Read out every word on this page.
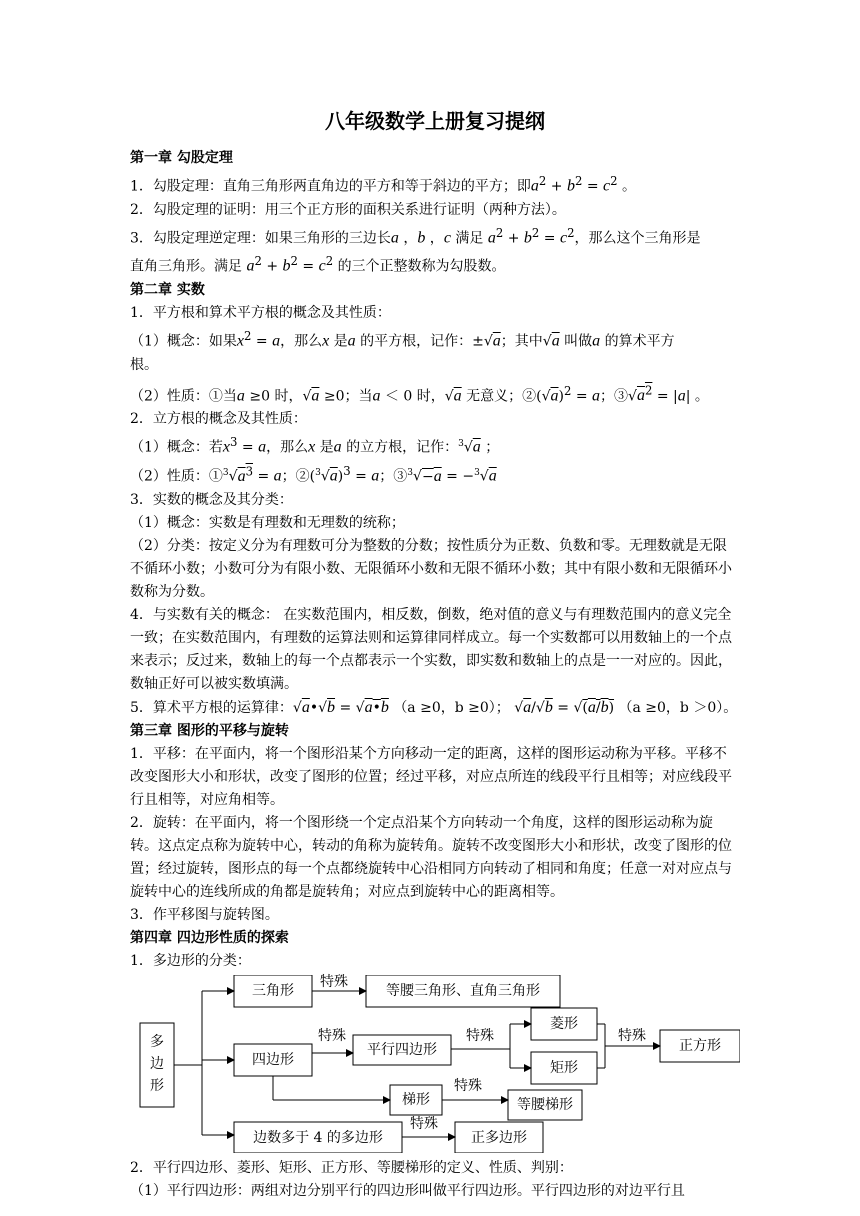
八年级数学上册复习提纲
第一章 勾股定理

1．勾股定理：直角三角形两直角边的平方和等于斜边的平方；即$a^2 + b^2 = c^2$ 。

2．勾股定理的证明：用三个正方形的面积关系进行证明（两种方法）。

3．勾股定理逆定理：如果三角形的三边长a ，b ，c 满足 $a^2 + b^2 = c^2$，那么这个三角形是

直角三角形。满足 $a^2 + b^2 = c^2$ 的三个正整数称为勾股数。

第二章 实数

1．平方根和算术平方根的概念及其性质：

（1）概念：如果$x^2 = a$，那么x 是a 的平方根，记作：±√a；其中√a 叫做a 的算术平方

根。

（2）性质：①当a ≥0 时，√a ≥0；当a ＜ 0 时，√a 无意义；$②(√a)^2 = a$；$③√a^2 = |a|$ 。

2．立方根的概念及其性质：

（1）概念：若$x^3 = a$，那么x 是a 的立方根，记作：$^3$√a ；

（2）性质：$①^3√a^3 = a$；$②(^3√a)^3 = a$；③$^3$√−a = −$^3$√a

3．实数的概念及其分类：

（1）概念：实数是有理数和无理数的统称；

（2）分类：按定义分为有理数可分为整数的分数；按性质分为正数、负数和零。无理数就是无限不循环小数；小数可分为有限小数、无限循环小数和无限不循环小数；其中有限小数和无限循环小数称为分数。

4．与实数有关的概念： 在实数范围内，相反数，倒数，绝对值的意义与有理数范围内的意义完全一致；在实数范围内，有理数的运算法则和运算律同样成立。每一个实数都可以用数轴上的一个点来表示；反过来，数轴上的每一个点都表示一个实数，即实数和数轴上的点是一一对应的。因此，数轴正好可以被实数填满。

5．算术平方根的运算律：√a•√b = √a•b （a ≥0，b ≥0）； √a/√b = √(a/b) （a ≥0，b ＞0）。

第三章 图形的平移与旋转

1．平移：在平面内，将一个图形沿某个方向移动一定的距离，这样的图形运动称为平移。平移不改变图形大小和形状，改变了图形的位置；经过平移，对应点所连的线段平行且相等；对应线段平行且相等，对应角相等。

2．旋转：在平面内，将一个图形绕一个定点沿某个方向转动一个角度，这样的图形运动称为旋转。这点定点称为旋转中心，转动的角称为旋转角。旋转不改变图形大小和形状，改变了图形的位置；经过旋转，图形点的每一个点都绕旋转中心沿相同方向转动了相同和角度；任意一对对应点与旋转中心的连线所成的角都是旋转角；对应点到旋转中心的距离相等。

3．作平移图与旋转图。

第四章 四边形性质的探索

1．多边形的分类：

多
边
形
三角形
特殊
等腰三角形、直角三角形
四边形
特殊
平行四边形
特殊
菱形
矩形
特殊
正方形
梯形
特殊
等腰梯形
边数多于 4 的多边形
特殊
正多边形

2．平行四边形、菱形、矩形、正方形、等腰梯形的定义、性质、判别：

（1）平行四边形：两组对边分别平行的四边形叫做平行四边形。平行四边形的对边平行且
